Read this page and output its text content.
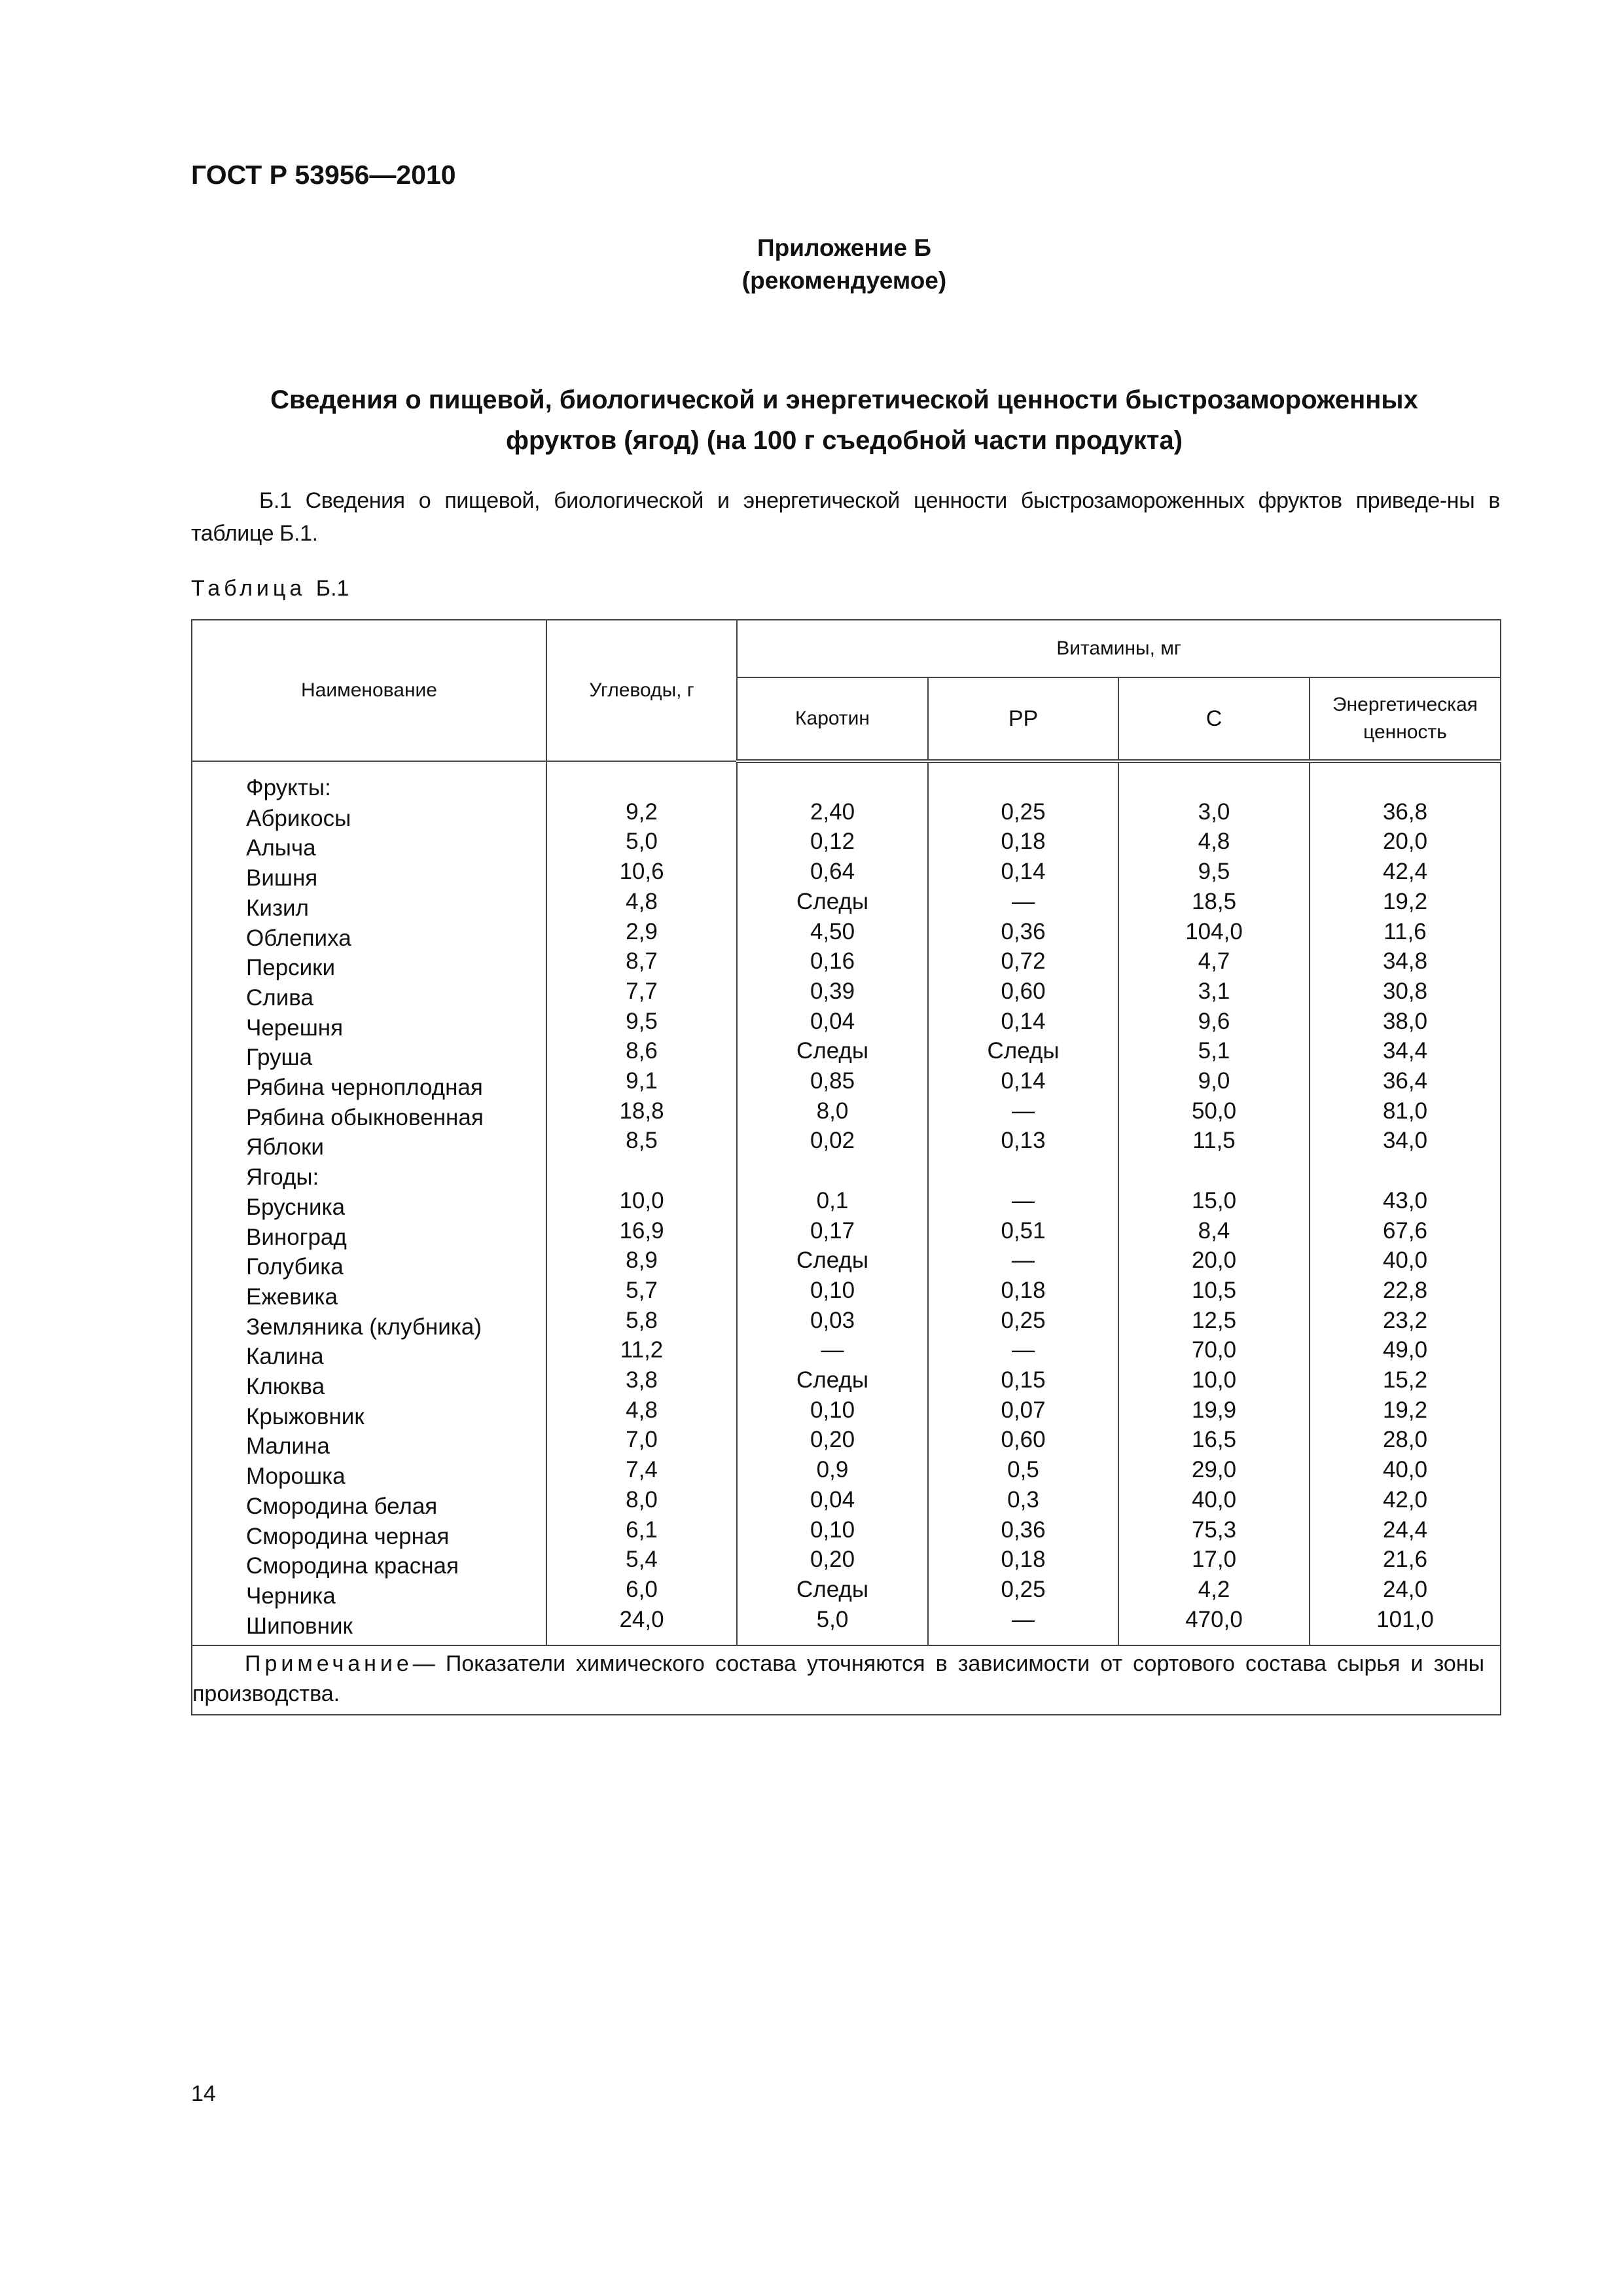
ГОСТ Р 53956—2010
Приложение Б
(рекомендуемое)
Сведения о пищевой, биологической и энергетической ценности быстрозамороженных
фруктов (ягод) (на 100 г съедобной части продукта)
Б.1 Сведения о пищевой, биологической и энергетической ценности быстрозамороженных фруктов приведе-ны в таблице Б.1.
Таблица Б.1
Наименование	Углеводы, г	Витамины, мг			
		Каротин	PP	C	Энергетическая ценность
Фрукты:					
Абрикосы	9,2	2,40	0,25	3,0	36,8
Алыча	5,0	0,12	0,18	4,8	20,0
Вишня	10,6	0,64	0,14	9,5	42,4
Кизил	4,8	Следы	—	18,5	19,2
Облепиха	2,9	4,50	0,36	104,0	11,6
Персики	8,7	0,16	0,72	4,7	34,8
Слива	7,7	0,39	0,60	3,1	30,8
Черешня	9,5	0,04	0,14	9,6	38,0
Груша	8,6	Следы	Следы	5,1	34,4
Рябина черноплодная	9,1	0,85	0,14	9,0	36,4
Рябина обыкновенная	18,8	8,0	—	50,0	81,0
Яблоки	8,5	0,02	0,13	11,5	34,0
Ягоды:					
Брусника	10,0	0,1	—	15,0	43,0
Виноград	16,9	0,17	0,51	8,4	67,6
Голубика	8,9	Следы	—	20,0	40,0
Ежевика	5,7	0,10	0,18	10,5	22,8
Земляника (клубника)	5,8	0,03	0,25	12,5	23,2
Калина	11,2	—	—	70,0	49,0
Клюква	3,8	Следы	0,15	10,0	15,2
Крыжовник	4,8	0,10	0,07	19,9	19,2
Малина	7,0	0,20	0,60	16,5	28,0
Морошка	7,4	0,9	0,5	29,0	40,0
Смородина белая	8,0	0,04	0,3	40,0	42,0
Смородина черная	6,1	0,10	0,36	75,3	24,4
Смородина красная	5,4	0,20	0,18	17,0	21,6
Черника	6,0	Следы	0,25	4,2	24,0
Шиповник	24,0	5,0	—	470,0	101,0
Примечание— Показатели химического состава уточняются в зависимости от сортового состава сырья и зоны производства.					
14
